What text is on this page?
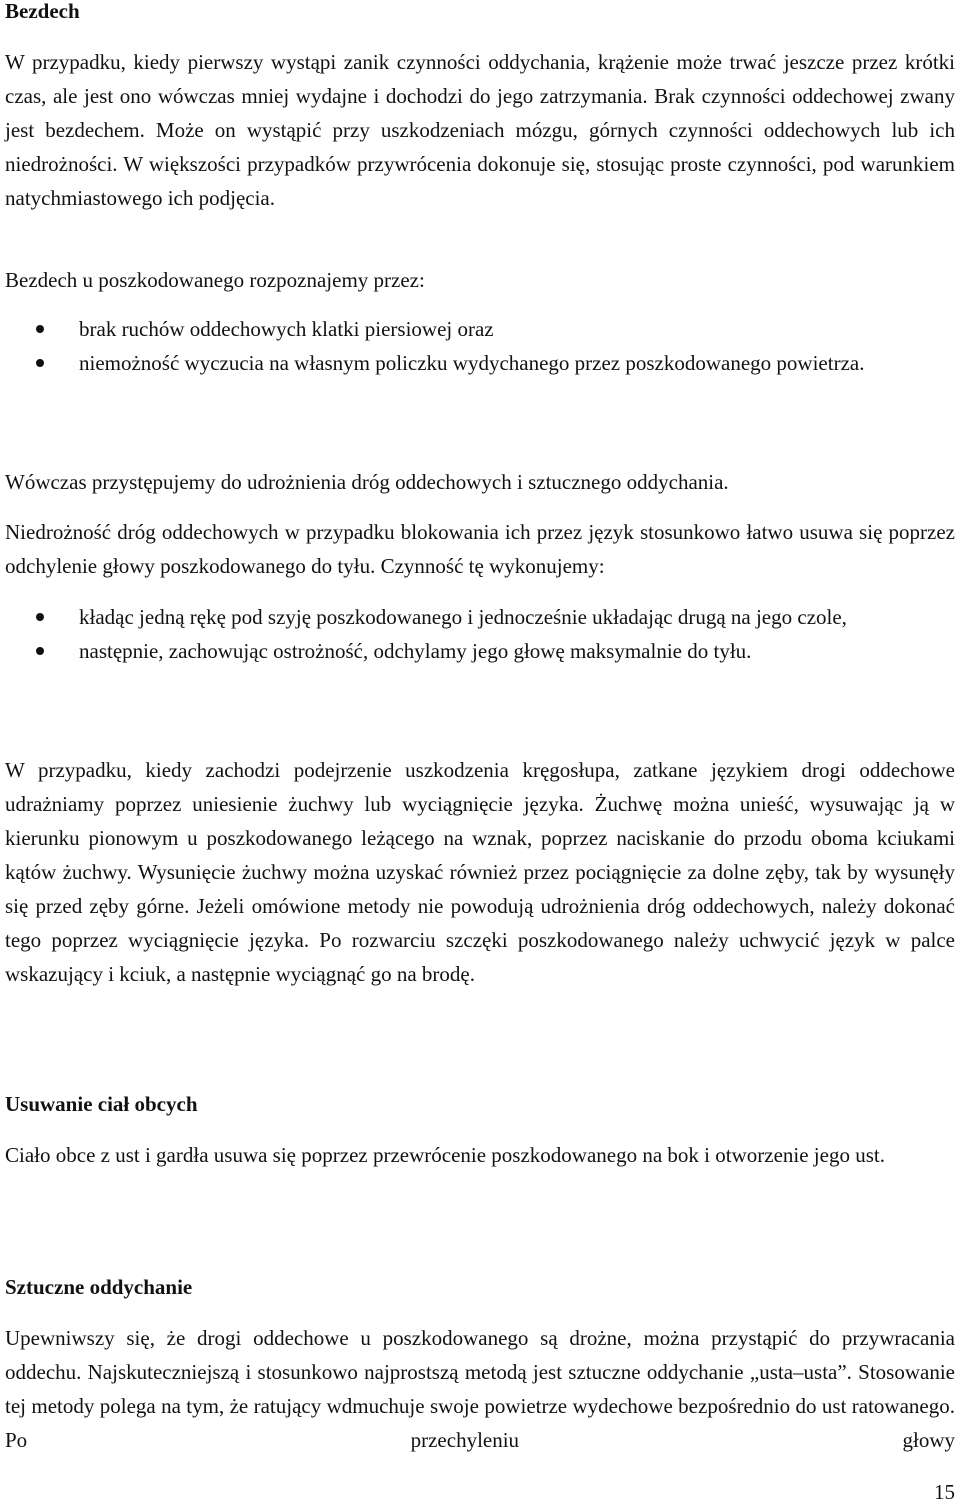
Bezdech

W przypadku, kiedy pierwszy wystąpi zanik czynności oddychania, krążenie może trwać jeszcze przez krótki czas, ale jest ono wówczas mniej wydajne i dochodzi do jego zatrzymania. Brak czynności oddechowej zwany jest bezdechem. Może on wystąpić przy uszkodzeniach mózgu, górnych czynności oddechowych lub ich niedrożności. W większości przypadków przywrócenia dokonuje się, stosując proste czynności, pod warunkiem natychmiastowego ich podjęcia.

Bezdech u poszkodowanego rozpoznajemy przez:

brak ruchów oddechowych klatki piersiowej oraz
niemożność wyczucia na własnym policzku wydychanego przez poszkodowanego powietrza.

Wówczas przystępujemy do udrożnienia dróg oddechowych i sztucznego oddychania.

Niedrożność dróg oddechowych w przypadku blokowania ich przez język stosunkowo łatwo usuwa się poprzez odchylenie głowy poszkodowanego do tyłu. Czynność tę wykonujemy:

kładąc jedną rękę pod szyję poszkodowanego i jednocześnie układając drugą na jego czole,
następnie, zachowując ostrożność, odchylamy jego głowę maksymalnie do tyłu.

W przypadku, kiedy zachodzi podejrzenie uszkodzenia kręgosłupa, zatkane językiem drogi oddechowe udrażniamy poprzez uniesienie żuchwy lub wyciągnięcie języka. Żuchwę można unieść, wysuwając ją w kierunku pionowym u poszkodowanego leżącego na wznak, poprzez naciskanie do przodu oboma kciukami kątów żuchwy. Wysunięcie żuchwy można uzyskać również przez pociągnięcie za dolne zęby, tak by wysunęły się przed zęby górne. Jeżeli omówione metody nie powodują udrożnienia dróg oddechowych, należy dokonać tego poprzez wyciągnięcie języka. Po rozwarciu szczęki poszkodowanego należy uchwycić język w palce wskazujący i kciuk, a następnie wyciągnąć go na brodę.

Usuwanie ciał obcych

Ciało obce z ust i gardła usuwa się poprzez przewrócenie poszkodowanego na bok i otworzenie jego ust.

Sztuczne oddychanie

Upewniwszy się, że drogi oddechowe u poszkodowanego są drożne, można przystąpić do przywracania oddechu. Najskuteczniejszą i stosunkowo najprostszą metodą jest sztuczne oddychanie „usta–usta”. Stosowanie tej metody polega na tym, że ratujący wdmuchuje swoje powietrze wydechowe bezpośrednio do ust ratowanego. Po przechyleniu głowy

15
